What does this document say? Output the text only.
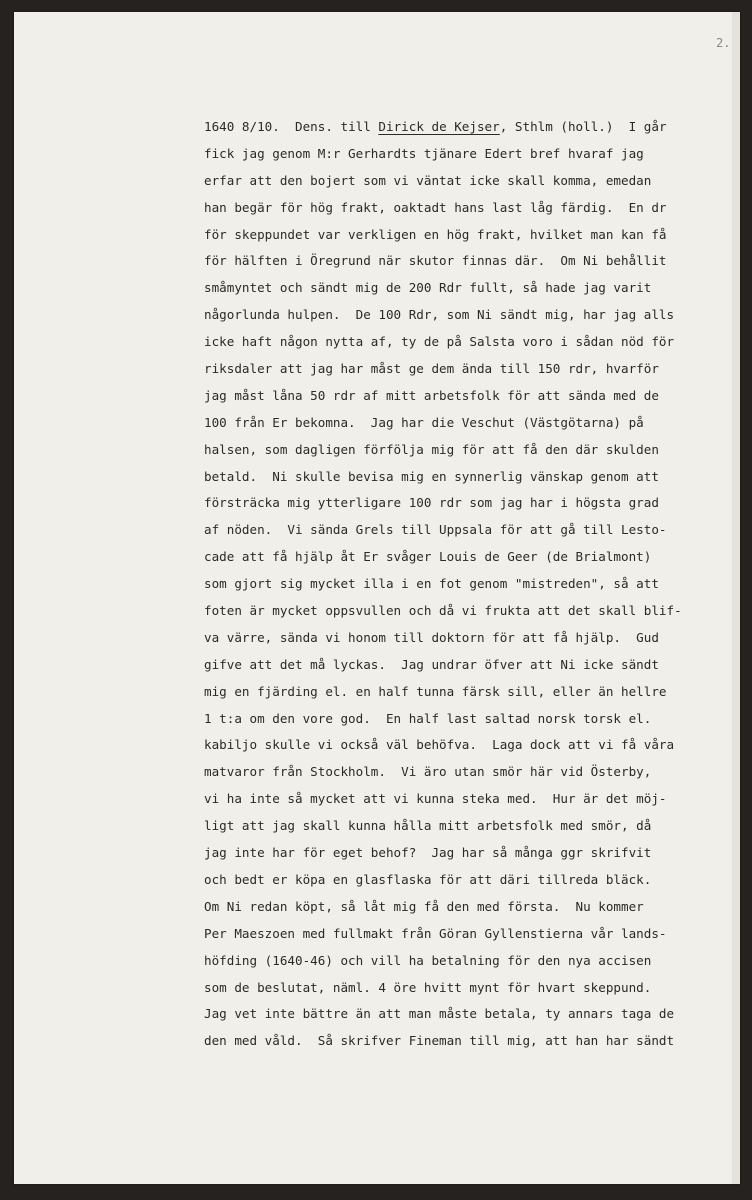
2.
1640 8/10. Dens. till Dirick de Kejser, Sthlm (holl.)  I går
fick jag genom M:r Gerhardts tjänare Edert bref hvaraf jag
erfar att den bojert som vi väntat icke skall komma, emedan
han begär för hög frakt, oaktadt hans last låg färdig.  En dr
för skeppundet var verkligen en hög frakt, hvilket man kan få
för hälften i Öregrund när skutor finnas där.  Om Ni behållit
småmyntet och sändt mig de 200 Rdr fullt, så hade jag varit
någorlunda hulpen.  De 100 Rdr, som Ni sändt mig, har jag alls
icke haft någon nytta af, ty de på Salsta voro i sådan nöd för
riksdaler att jag har måst ge dem ända till 150 rdr, hvarför
jag måst låna 50 rdr af mitt arbetsfolk för att sända med de
100 från Er bekomna.  Jag har die Veschut (Västgötarna) på
halsen, som dagligen förfölja mig för att få den där skulden
betald.  Ni skulle bevisa mig en synnerlig vänskap genom att
försträcka mig ytterligare 100 rdr som jag har i högsta grad
af nöden.  Vi sända Grels till Uppsala för att gå till Lesto-
cade att få hjälp åt Er svåger Louis de Geer (de Brialmont)
som gjort sig mycket illa i en fot genom "mistreden", så att
foten är mycket oppsvullen och då vi frukta att det skall blif-
va värre, sända vi honom till doktorn för att få hjälp.  Gud
gifve att det må lyckas.  Jag undrar öfver att Ni icke sändt
mig en fjärding el. en half tunna färsk sill, eller än hellre
1 t:a om den vore god.  En half last saltad norsk torsk el.
kabiljo skulle vi också väl behöfva.  Laga dock att vi få våra
matvaror från Stockholm.  Vi äro utan smör här vid Österby,
vi ha inte så mycket att vi kunna steka med.  Hur är det möj-
ligt att jag skall kunna hålla mitt arbetsfolk med smör, då
jag inte har för eget behof?  Jag har så många ggr skrifvit
och bedt er köpa en glasflaska för att däri tillreda bläck.
Om Ni redan köpt, så låt mig få den med första.  Nu kommer
Per Maeszoen med fullmakt från Göran Gyllenstierna vår lands-
höfding (1640-46) och vill ha betalning för den nya accisen
som de beslutat, näml. 4 öre hvitt mynt för hvart skeppund.
Jag vet inte bättre än att man måste betala, ty annars taga de
den med våld.  Så skrifver Fineman till mig, att han har sändt
